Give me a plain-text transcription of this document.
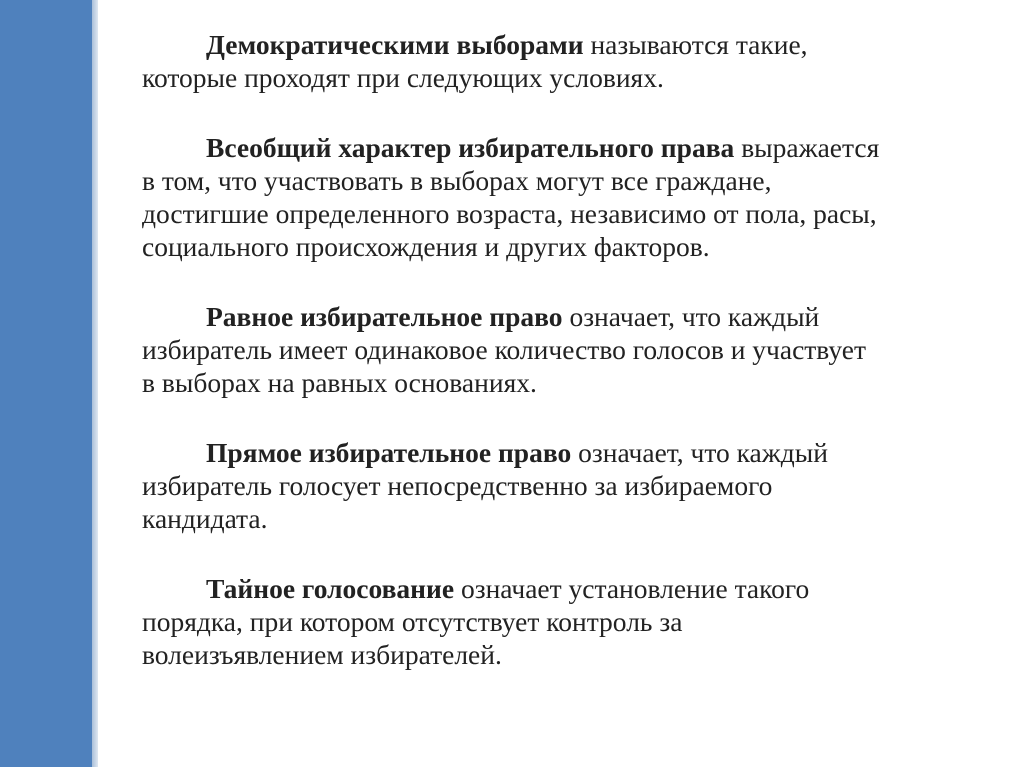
Демократическими выборами называются такие,
которые проходят при следующих условиях.

Всеобщий характер избирательного права выражается
в том, что участвовать в выборах могут все граждане,
достигшие определенного возраста, независимо от пола, расы,
социального происхождения и других факторов.

Равное избирательное право означает, что каждый
избиратель имеет одинаковое количество голосов и участвует
в выборах на равных основаниях.

Прямое избирательное право означает, что каждый
избиратель голосует непосредственно за избираемого
кандидата.

Тайное голосование означает установление такого
порядка, при котором отсутствует контроль за
волеизъявлением избирателей.
